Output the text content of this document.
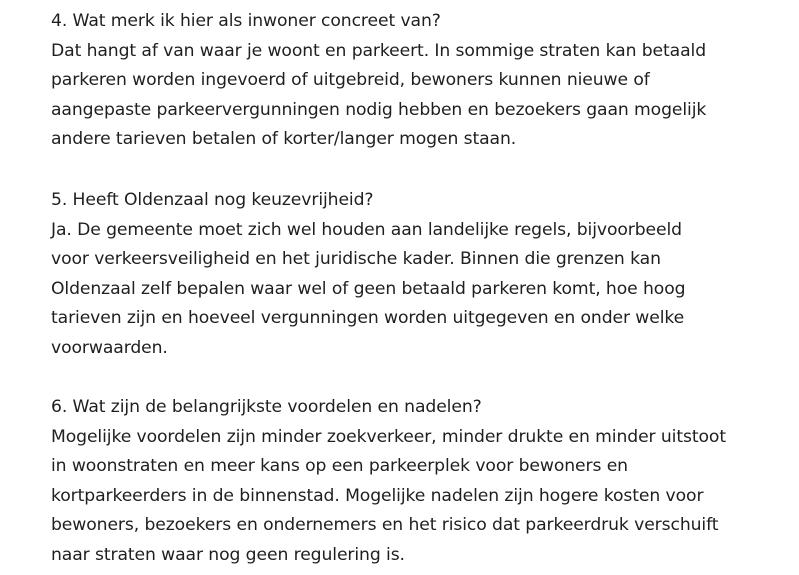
4. Wat merk ik hier als inwoner concreet van?
Dat hangt af van waar je woont en parkeert. In sommige straten kan betaald
parkeren worden ingevoerd of uitgebreid, bewoners kunnen nieuwe of
aangepaste parkeervergunningen nodig hebben en bezoekers gaan mogelijk
andere tarieven betalen of korter/langer mogen staan.
5. Heeft Oldenzaal nog keuzevrijheid?
Ja. De gemeente moet zich wel houden aan landelijke regels, bijvoorbeeld
voor verkeersveiligheid en het juridische kader. Binnen die grenzen kan
Oldenzaal zelf bepalen waar wel of geen betaald parkeren komt, hoe hoog
tarieven zijn en hoeveel vergunningen worden uitgegeven en onder welke
voorwaarden.
6. Wat zijn de belangrijkste voordelen en nadelen?
Mogelijke voordelen zijn minder zoekverkeer, minder drukte en minder uitstoot
in woonstraten en meer kans op een parkeerplek voor bewoners en
kortparkeerders in de binnenstad. Mogelijke nadelen zijn hogere kosten voor
bewoners, bezoekers en ondernemers en het risico dat parkeerdruk verschuift
naar straten waar nog geen regulering is.
